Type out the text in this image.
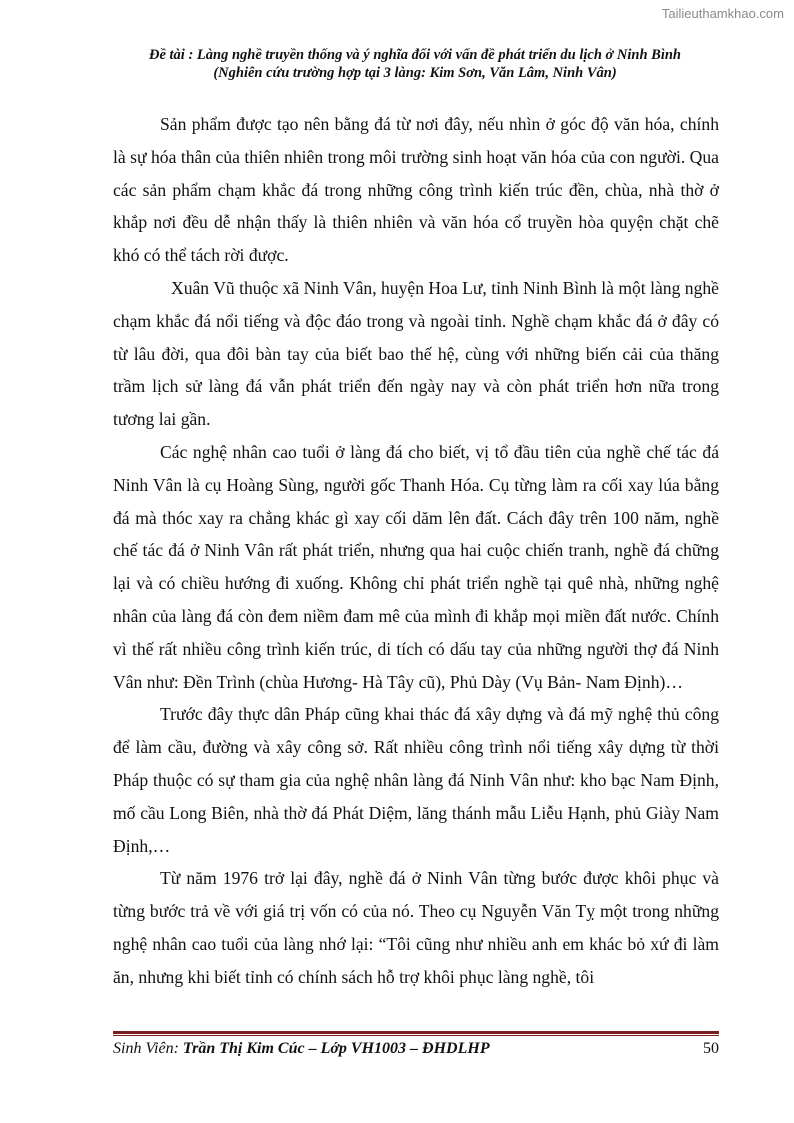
Tailieuthamkhao.com
Đề tài : Làng nghề truyền thống và ý nghĩa đối với vấn đề phát triển du lịch ở Ninh Bình
(Nghiên cứu trường hợp tại 3 làng: Kim Sơn, Văn Lâm, Ninh Vân)

Sản phẩm được tạo nên bằng đá từ nơi đây, nếu nhìn ở góc độ văn hóa, chính là sự hóa thân của thiên nhiên trong môi trường sinh hoạt văn hóa của con người. Qua các sản phẩm chạm khắc đá trong những công trình kiến trúc đền, chùa, nhà thờ ở khắp nơi đều dễ nhận thấy là thiên nhiên và văn hóa cổ truyền hòa quyện chặt chẽ khó có thể tách rời được.

Xuân Vũ thuộc xã Ninh Vân, huyện Hoa Lư, tỉnh Ninh Bình là một làng nghề chạm khắc đá nổi tiếng và độc đáo trong và ngoài tỉnh. Nghề chạm khắc đá ở đây có từ lâu đời, qua đôi bàn tay của biết bao thế hệ, cùng với những biến cải của thăng trầm lịch sử làng đá vẫn phát triển đến ngày nay và còn phát triển hơn nữa trong tương lai gần.

Các nghệ nhân cao tuổi ở làng đá cho biết, vị tổ đầu tiên của nghề chế tác đá Ninh Vân là cụ Hoàng Sùng, người gốc Thanh Hóa. Cụ từng làm ra cối xay lúa bằng đá mà thóc xay ra chẳng khác gì xay cối dăm lên đất. Cách đây trên 100 năm, nghề chế tác đá ở Ninh Vân rất phát triển, nhưng qua hai cuộc chiến tranh, nghề đá chững lại và có chiều hướng đi xuống. Không chỉ phát triển nghề tại quê nhà, những nghệ nhân của làng đá còn đem niềm đam mê của mình đi khắp mọi miền đất nước. Chính vì thế rất nhiều công trình kiến trúc, di tích có dấu tay của những người thợ đá Ninh Vân như: Đền Trình (chùa Hương- Hà Tây cũ), Phủ Dày (Vụ Bản- Nam Định)…

Trước đây thực dân Pháp cũng khai thác đá xây dựng và đá mỹ nghệ thủ công để làm cầu, đường và xây công sở. Rất nhiều công trình nổi tiếng xây dựng từ thời Pháp thuộc có sự tham gia của nghệ nhân làng đá Ninh Vân như: kho bạc Nam Định, mố cầu Long Biên, nhà thờ đá Phát Diệm, lăng thánh mẫu Liễu Hạnh, phủ Giày Nam Định,…

Từ năm 1976 trở lại đây, nghề đá ở Ninh Vân từng bước được khôi phục và từng bước trả về với giá trị vốn có của nó. Theo cụ Nguyễn Văn Tỵ một trong những nghệ nhân cao tuổi của làng nhớ lại: “Tôi cũng như nhiều anh em khác bỏ xứ đi làm ăn, nhưng khi biết tỉnh có chính sách hỗ trợ khôi phục làng nghề, tôi

Sinh Viên: Trần Thị Kim Cúc – Lớp VH1003 – ĐHDLHP	50
